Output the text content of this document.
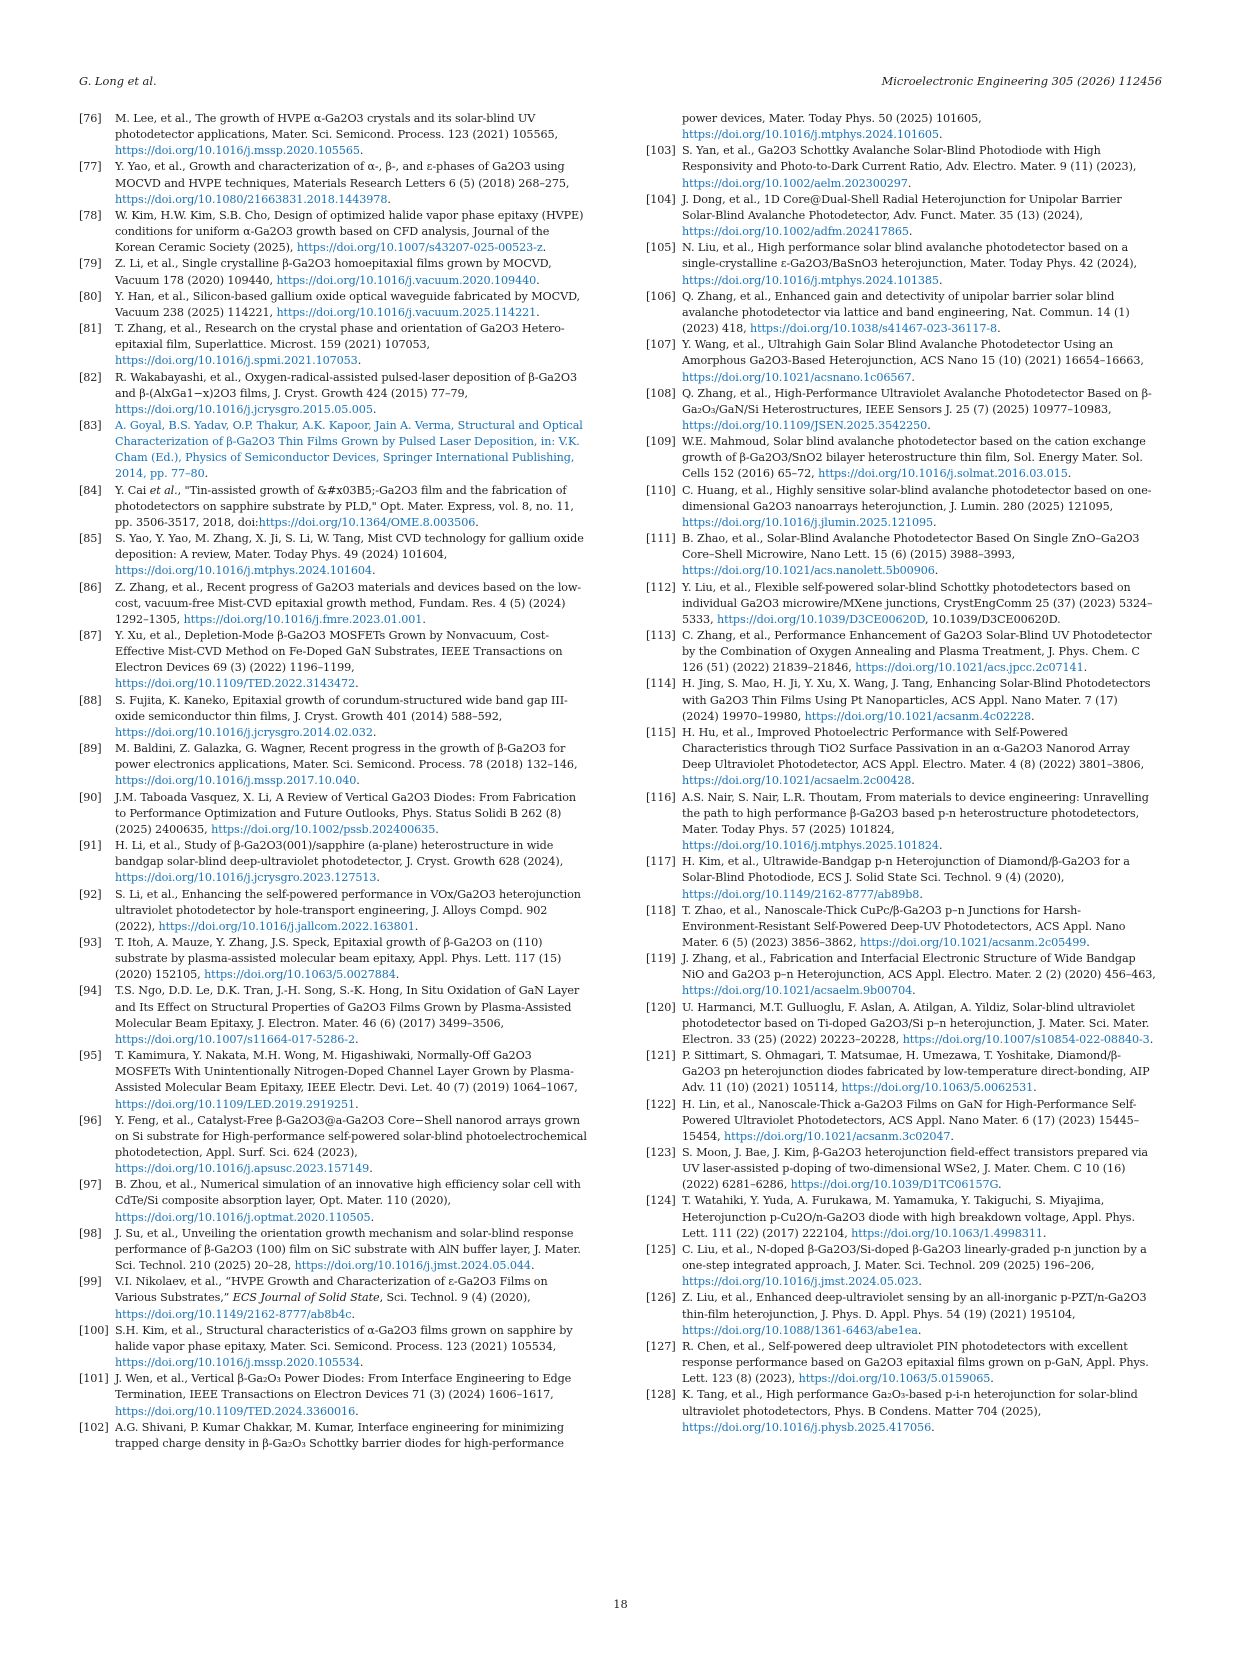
G. Long et al.	Microelectronic Engineering 305 (2026) 112456
[76]	M. Lee, et al., The growth of HVPE α-Ga2O3 crystals and its solar-blind UV photodetector applications, Mater. Sci. Semicond. Process. 123 (2021) 105565, https://doi.org/10.1016/j.mssp.2020.105565.
[77]	Y. Yao, et al., Growth and characterization of α-, β-, and ε-phases of Ga2O3 using MOCVD and HVPE techniques, Materials Research Letters 6 (5) (2018) 268–275, https://doi.org/10.1080/21663831.2018.1443978.
[78]	W. Kim, H.W. Kim, S.B. Cho, Design of optimized halide vapor phase epitaxy (HVPE) conditions for uniform α-Ga2O3 growth based on CFD analysis, Journal of the Korean Ceramic Society (2025), https://doi.org/10.1007/s43207-025-00523-z.
[79]	Z. Li, et al., Single crystalline β-Ga2O3 homoepitaxial films grown by MOCVD, Vacuum 178 (2020) 109440, https://doi.org/10.1016/j.vacuum.2020.109440.
[80]	Y. Han, et al., Silicon-based gallium oxide optical waveguide fabricated by MOCVD, Vacuum 238 (2025) 114221, https://doi.org/10.1016/j.vacuum.2025.114221.
[81]	T. Zhang, et al., Research on the crystal phase and orientation of Ga2O3 Hetero-epitaxial film, Superlattice. Microst. 159 (2021) 107053, https://doi.org/10.1016/j.spmi.2021.107053.
[82]	R. Wakabayashi, et al., Oxygen-radical-assisted pulsed-laser deposition of β-Ga2O3 and β-(AlxGa1−x)2O3 films, J. Cryst. Growth 424 (2015) 77–79, https://doi.org/10.1016/j.jcrysgro.2015.05.005.
[83]	A. Goyal, B.S. Yadav, O.P. Thakur, A.K. Kapoor, Jain A. Verma, Structural and Optical Characterization of β-Ga2O3 Thin Films Grown by Pulsed Laser Deposition, in: V.K. Cham (Ed.), Physics of Semiconductor Devices, Springer International Publishing, 2014, pp. 77–80.
[84]	Y. Cai et al., "Tin-assisted growth of &#x03B5;-Ga2O3 film and the fabrication of photodetectors on sapphire substrate by PLD," Opt. Mater. Express, vol. 8, no. 11, pp. 3506-3517, 2018, doi:https://doi.org/10.1364/OME.8.003506.
[85]	S. Yao, Y. Yao, M. Zhang, X. Ji, S. Li, W. Tang, Mist CVD technology for gallium oxide deposition: A review, Mater. Today Phys. 49 (2024) 101604, https://doi.org/10.1016/j.mtphys.2024.101604.
[86]	Z. Zhang, et al., Recent progress of Ga2O3 materials and devices based on the low-cost, vacuum-free Mist-CVD epitaxial growth method, Fundam. Res. 4 (5) (2024) 1292–1305, https://doi.org/10.1016/j.fmre.2023.01.001.
[87]	Y. Xu, et al., Depletion-Mode β-Ga2O3 MOSFETs Grown by Nonvacuum, Cost-Effective Mist-CVD Method on Fe-Doped GaN Substrates, IEEE Transactions on Electron Devices 69 (3) (2022) 1196–1199, https://doi.org/10.1109/TED.2022.3143472.
[88]	S. Fujita, K. Kaneko, Epitaxial growth of corundum-structured wide band gap III-oxide semiconductor thin films, J. Cryst. Growth 401 (2014) 588–592, https://doi.org/10.1016/j.jcrysgro.2014.02.032.
[89]	M. Baldini, Z. Galazka, G. Wagner, Recent progress in the growth of β-Ga2O3 for power electronics applications, Mater. Sci. Semicond. Process. 78 (2018) 132–146, https://doi.org/10.1016/j.mssp.2017.10.040.
[90]	J.M. Taboada Vasquez, X. Li, A Review of Vertical Ga2O3 Diodes: From Fabrication to Performance Optimization and Future Outlooks, Phys. Status Solidi B 262 (8) (2025) 2400635, https://doi.org/10.1002/pssb.202400635.
[91]	H. Li, et al., Study of β-Ga2O3(001)/sapphire (a-plane) heterostructure in wide bandgap solar-blind deep-ultraviolet photodetector, J. Cryst. Growth 628 (2024), https://doi.org/10.1016/j.jcrysgro.2023.127513.
[92]	S. Li, et al., Enhancing the self-powered performance in VOx/Ga2O3 heterojunction ultraviolet photodetector by hole-transport engineering, J. Alloys Compd. 902 (2022), https://doi.org/10.1016/j.jallcom.2022.163801.
[93]	T. Itoh, A. Mauze, Y. Zhang, J.S. Speck, Epitaxial growth of β-Ga2O3 on (110) substrate by plasma-assisted molecular beam epitaxy, Appl. Phys. Lett. 117 (15) (2020) 152105, https://doi.org/10.1063/5.0027884.
[94]	T.S. Ngo, D.D. Le, D.K. Tran, J.-H. Song, S.-K. Hong, In Situ Oxidation of GaN Layer and Its Effect on Structural Properties of Ga2O3 Films Grown by Plasma-Assisted Molecular Beam Epitaxy, J. Electron. Mater. 46 (6) (2017) 3499–3506, https://doi.org/10.1007/s11664-017-5286-2.
[95]	T. Kamimura, Y. Nakata, M.H. Wong, M. Higashiwaki, Normally-Off Ga2O3 MOSFETs With Unintentionally Nitrogen-Doped Channel Layer Grown by Plasma-Assisted Molecular Beam Epitaxy, IEEE Electr. Devi. Let. 40 (7) (2019) 1064–1067, https://doi.org/10.1109/LED.2019.2919251.
[96]	Y. Feng, et al., Catalyst-Free β-Ga2O3@a-Ga2O3 Core−Shell nanorod arrays grown on Si substrate for High-performance self-powered solar-blind photoelectrochemical photodetection, Appl. Surf. Sci. 624 (2023), https://doi.org/10.1016/j.apsusc.2023.157149.
[97]	B. Zhou, et al., Numerical simulation of an innovative high efficiency solar cell with CdTe/Si composite absorption layer, Opt. Mater. 110 (2020), https://doi.org/10.1016/j.optmat.2020.110505.
[98]	J. Su, et al., Unveiling the orientation growth mechanism and solar-blind response performance of β-Ga2O3 (100) film on SiC substrate with AlN buffer layer, J. Mater. Sci. Technol. 210 (2025) 20–28, https://doi.org/10.1016/j.jmst.2024.05.044.
[99]	V.I. Nikolaev, et al., “HVPE Growth and Characterization of ε-Ga2O3 Films on Various Substrates,” ECS Journal of Solid State, Sci. Technol. 9 (4) (2020), https://doi.org/10.1149/2162-8777/ab8b4c.
[100] S.H. Kim, et al., Structural characteristics of α-Ga2O3 films grown on sapphire by halide vapor phase epitaxy, Mater. Sci. Semicond. Process. 123 (2021) 105534, https://doi.org/10.1016/j.mssp.2020.105534.
[101] J. Wen, et al., Vertical β-Ga₂O₃ Power Diodes: From Interface Engineering to Edge Termination, IEEE Transactions on Electron Devices 71 (3) (2024) 1606–1617, https://doi.org/10.1109/TED.2024.3360016.
[102] A.G. Shivani, P. Kumar Chakkar, M. Kumar, Interface engineering for minimizing trapped charge density in β-Ga₂O₃ Schottky barrier diodes for high-performance
power devices, Mater. Today Phys. 50 (2025) 101605, https://doi.org/10.1016/j.mtphys.2024.101605.
[103] S. Yan, et al., Ga2O3 Schottky Avalanche Solar-Blind Photodiode with High Responsivity and Photo-to-Dark Current Ratio, Adv. Electro. Mater. 9 (11) (2023), https://doi.org/10.1002/aelm.202300297.
[104] J. Dong, et al., 1D Core@Dual-Shell Radial Heterojunction for Unipolar Barrier Solar-Blind Avalanche Photodetector, Adv. Funct. Mater. 35 (13) (2024), https://doi.org/10.1002/adfm.202417865.
[105] N. Liu, et al., High performance solar blind avalanche photodetector based on a single-crystalline ε-Ga2O3/BaSnO3 heterojunction, Mater. Today Phys. 42 (2024), https://doi.org/10.1016/j.mtphys.2024.101385.
[106] Q. Zhang, et al., Enhanced gain and detectivity of unipolar barrier solar blind avalanche photodetector via lattice and band engineering, Nat. Commun. 14 (1) (2023) 418, https://doi.org/10.1038/s41467-023-36117-8.
[107] Y. Wang, et al., Ultrahigh Gain Solar Blind Avalanche Photodetector Using an Amorphous Ga2O3-Based Heterojunction, ACS Nano 15 (10) (2021) 16654–16663, https://doi.org/10.1021/acsnano.1c06567.
[108] Q. Zhang, et al., High-Performance Ultraviolet Avalanche Photodetector Based on β-Ga₂O₃/GaN/Si Heterostructures, IEEE Sensors J. 25 (7) (2025) 10977–10983, https://doi.org/10.1109/JSEN.2025.3542250.
[109] W.E. Mahmoud, Solar blind avalanche photodetector based on the cation exchange growth of β-Ga2O3/SnO2 bilayer heterostructure thin film, Sol. Energy Mater. Sol. Cells 152 (2016) 65–72, https://doi.org/10.1016/j.solmat.2016.03.015.
[110] C. Huang, et al., Highly sensitive solar-blind avalanche photodetector based on one-dimensional Ga2O3 nanoarrays heterojunction, J. Lumin. 280 (2025) 121095, https://doi.org/10.1016/j.jlumin.2025.121095.
[111] B. Zhao, et al., Solar-Blind Avalanche Photodetector Based On Single ZnO–Ga2O3 Core–Shell Microwire, Nano Lett. 15 (6) (2015) 3988–3993, https://doi.org/10.1021/acs.nanolett.5b00906.
[112] Y. Liu, et al., Flexible self-powered solar-blind Schottky photodetectors based on individual Ga2O3 microwire/MXene junctions, CrystEngComm 25 (37) (2023) 5324–5333, https://doi.org/10.1039/D3CE00620D, 10.1039/D3CE00620D.
[113] C. Zhang, et al., Performance Enhancement of Ga2O3 Solar-Blind UV Photodetector by the Combination of Oxygen Annealing and Plasma Treatment, J. Phys. Chem. C 126 (51) (2022) 21839–21846, https://doi.org/10.1021/acs.jpcc.2c07141.
[114] H. Jing, S. Mao, H. Ji, Y. Xu, X. Wang, J. Tang, Enhancing Solar-Blind Photodetectors with Ga2O3 Thin Films Using Pt Nanoparticles, ACS Appl. Nano Mater. 7 (17) (2024) 19970–19980, https://doi.org/10.1021/acsanm.4c02228.
[115] H. Hu, et al., Improved Photoelectric Performance with Self-Powered Characteristics through TiO2 Surface Passivation in an α-Ga2O3 Nanorod Array Deep Ultraviolet Photodetector, ACS Appl. Electro. Mater. 4 (8) (2022) 3801–3806, https://doi.org/10.1021/acsaelm.2c00428.
[116] A.S. Nair, S. Nair, L.R. Thoutam, From materials to device engineering: Unravelling the path to high performance β-Ga2O3 based p-n heterostructure photodetectors, Mater. Today Phys. 57 (2025) 101824, https://doi.org/10.1016/j.mtphys.2025.101824.
[117] H. Kim, et al., Ultrawide-Bandgap p-n Heterojunction of Diamond/β-Ga2O3 for a Solar-Blind Photodiode, ECS J. Solid State Sci. Technol. 9 (4) (2020), https://doi.org/10.1149/2162-8777/ab89b8.
[118] T. Zhao, et al., Nanoscale-Thick CuPc/β-Ga2O3 p–n Junctions for Harsh-Environment-Resistant Self-Powered Deep-UV Photodetectors, ACS Appl. Nano Mater. 6 (5) (2023) 3856–3862, https://doi.org/10.1021/acsanm.2c05499.
[119] J. Zhang, et al., Fabrication and Interfacial Electronic Structure of Wide Bandgap NiO and Ga2O3 p–n Heterojunction, ACS Appl. Electro. Mater. 2 (2) (2020) 456–463, https://doi.org/10.1021/acsaelm.9b00704.
[120] U. Harmanci, M.T. Gulluoglu, F. Aslan, A. Atilgan, A. Yildiz, Solar-blind ultraviolet photodetector based on Ti-doped Ga2O3/Si p–n heterojunction, J. Mater. Sci. Mater. Electron. 33 (25) (2022) 20223–20228, https://doi.org/10.1007/s10854-022-08840-3.
[121] P. Sittimart, S. Ohmagari, T. Matsumae, H. Umezawa, T. Yoshitake, Diamond/β-Ga2O3 pn heterojunction diodes fabricated by low-temperature direct-bonding, AIP Adv. 11 (10) (2021) 105114, https://doi.org/10.1063/5.0062531.
[122] H. Lin, et al., Nanoscale-Thick a-Ga2O3 Films on GaN for High-Performance Self-Powered Ultraviolet Photodetectors, ACS Appl. Nano Mater. 6 (17) (2023) 15445–15454, https://doi.org/10.1021/acsanm.3c02047.
[123] S. Moon, J. Bae, J. Kim, β-Ga2O3 heterojunction field-effect transistors prepared via UV laser-assisted p-doping of two-dimensional WSe2, J. Mater. Chem. C 10 (16) (2022) 6281–6286, https://doi.org/10.1039/D1TC06157G.
[124] T. Watahiki, Y. Yuda, A. Furukawa, M. Yamamuka, Y. Takiguchi, S. Miyajima, Heterojunction p-Cu2O/n-Ga2O3 diode with high breakdown voltage, Appl. Phys. Lett. 111 (22) (2017) 222104, https://doi.org/10.1063/1.4998311.
[125] C. Liu, et al., N-doped β-Ga2O3/Si-doped β-Ga2O3 linearly-graded p-n junction by a one-step integrated approach, J. Mater. Sci. Technol. 209 (2025) 196–206, https://doi.org/10.1016/j.jmst.2024.05.023.
[126] Z. Liu, et al., Enhanced deep-ultraviolet sensing by an all-inorganic p-PZT/n-Ga2O3 thin-film heterojunction, J. Phys. D. Appl. Phys. 54 (19) (2021) 195104, https://doi.org/10.1088/1361-6463/abe1ea.
[127] R. Chen, et al., Self-powered deep ultraviolet PIN photodetectors with excellent response performance based on Ga2O3 epitaxial films grown on p-GaN, Appl. Phys. Lett. 123 (8) (2023), https://doi.org/10.1063/5.0159065.
[128] K. Tang, et al., High performance Ga₂O₃-based p-i-n heterojunction for solar-blind ultraviolet photodetectors, Phys. B Condens. Matter 704 (2025), https://doi.org/10.1016/j.physb.2025.417056.
18
